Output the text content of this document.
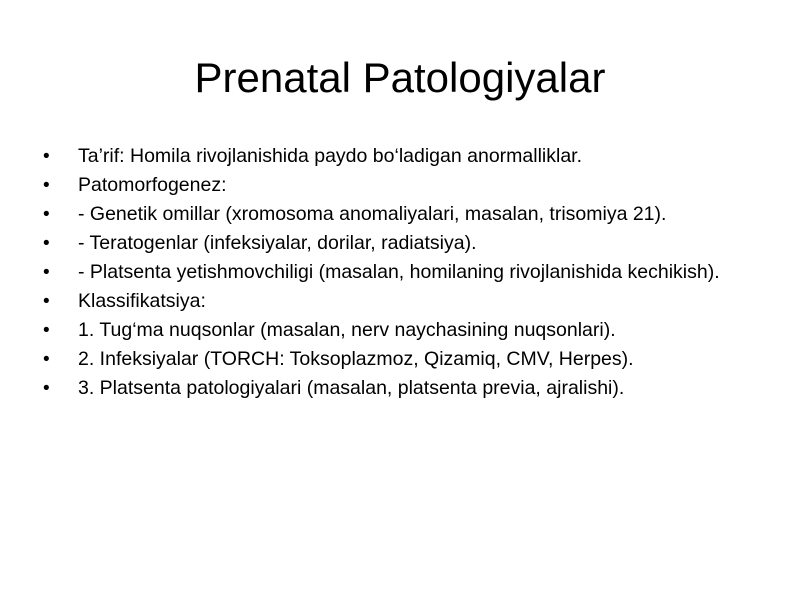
Prenatal Patologiyalar
• Ta’rif: Homila rivojlanishida paydo bo‘ladigan anormalliklar.
• Patomorfogenez:
• - Genetik omillar (xromosoma anomaliyalari, masalan, trisomiya 21).
• - Teratogenlar (infeksiyalar, dorilar, radiatsiya).
• - Platsenta yetishmovchiligi (masalan, homilaning rivojlanishida kechikish).
• Klassifikatsiya:
• 1. Tug‘ma nuqsonlar (masalan, nerv naychasining nuqsonlari).
• 2. Infeksiyalar (TORCH: Toksoplazmoz, Qizamiq, CMV, Herpes).
• 3. Platsenta patologiyalari (masalan, platsenta previa, ajralishi).
